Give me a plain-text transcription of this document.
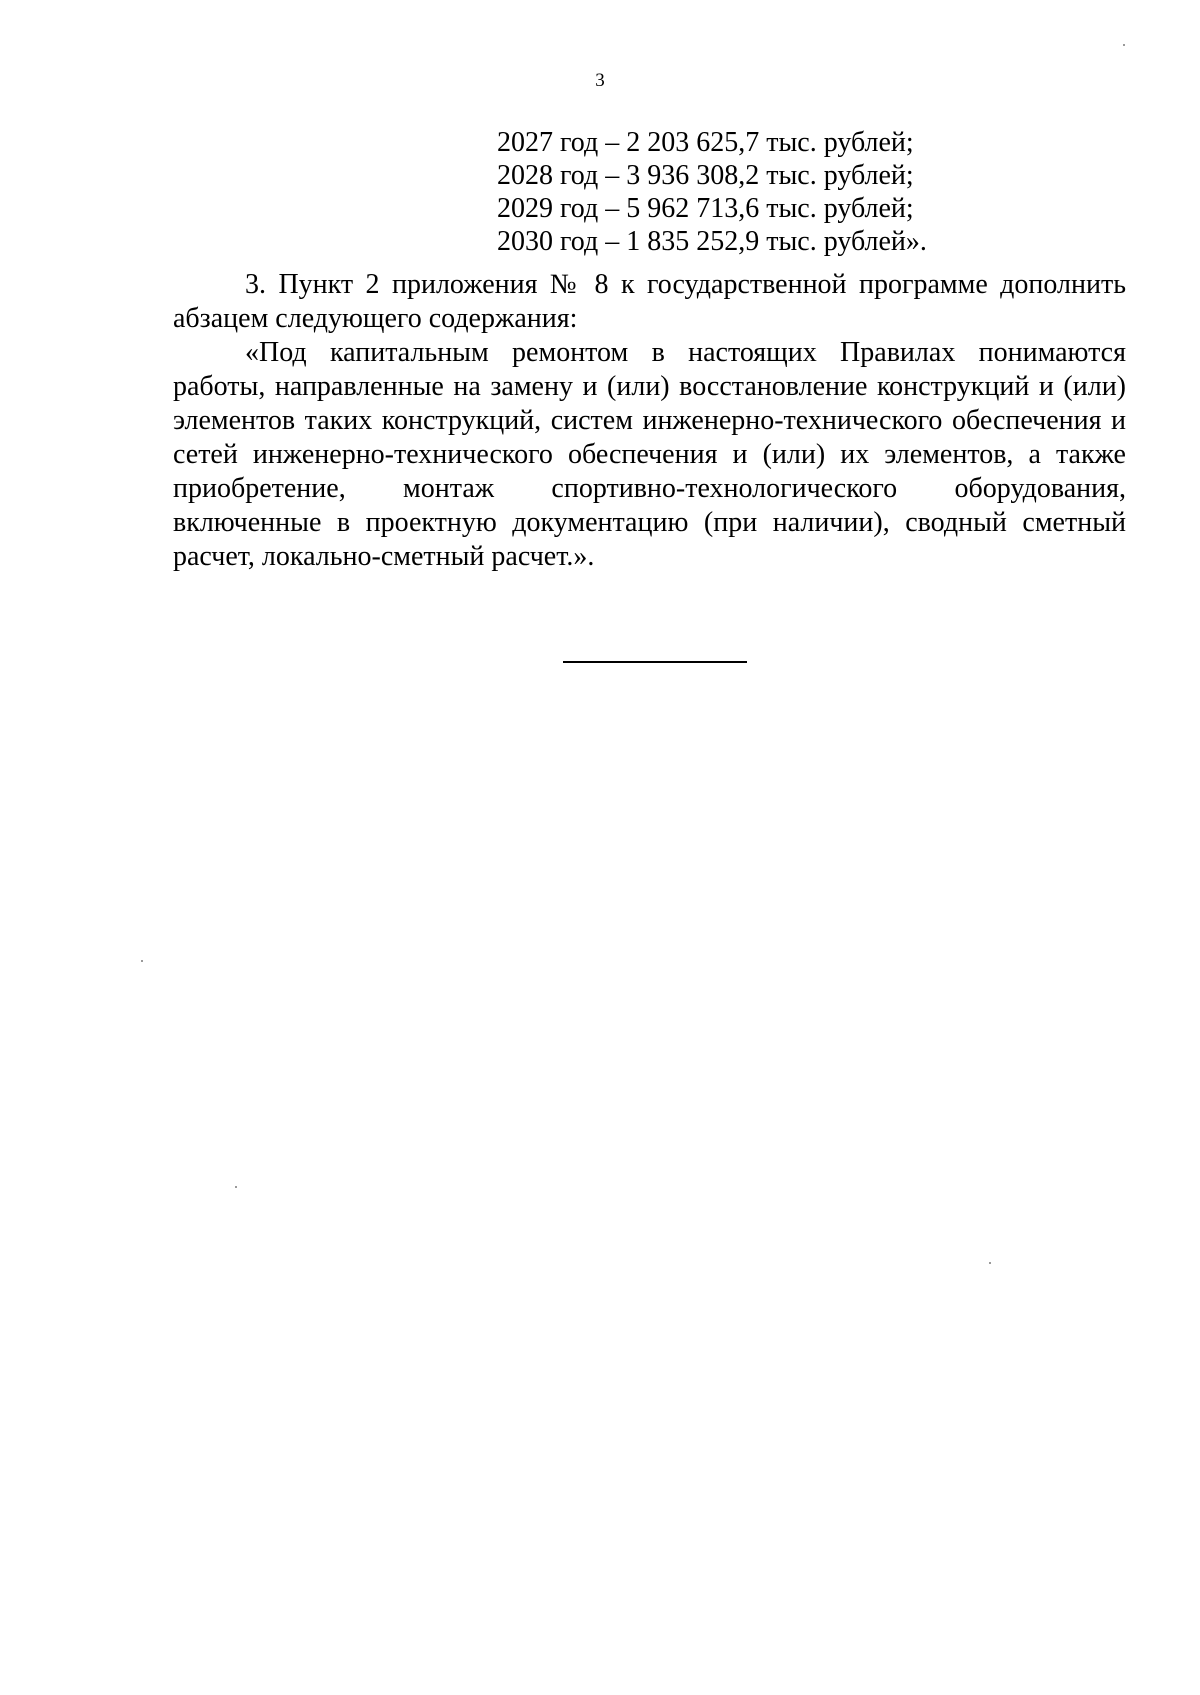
3
2027 год – 2 203 625,7 тыс. рублей;
2028 год – 3 936 308,2 тыс. рублей;
2029 год – 5 962 713,6 тыс. рублей;
2030 год – 1 835 252,9 тыс. рублей».

3. Пункт 2 приложения № 8 к государственной программе дополнить абзацем следующего содержания:

«Под капитальным ремонтом в настоящих Правилах понимаются работы, направленные на замену и (или) восстановление конструкций и (или) элементов таких конструкций, систем инженерно-технического обеспечения и сетей инженерно-технического обеспечения и (или) их элементов, а также приобретение, монтаж спортивно-технологического оборудования, включенные в проектную документацию (при наличии), сводный сметный расчет, локально-сметный расчет.».
